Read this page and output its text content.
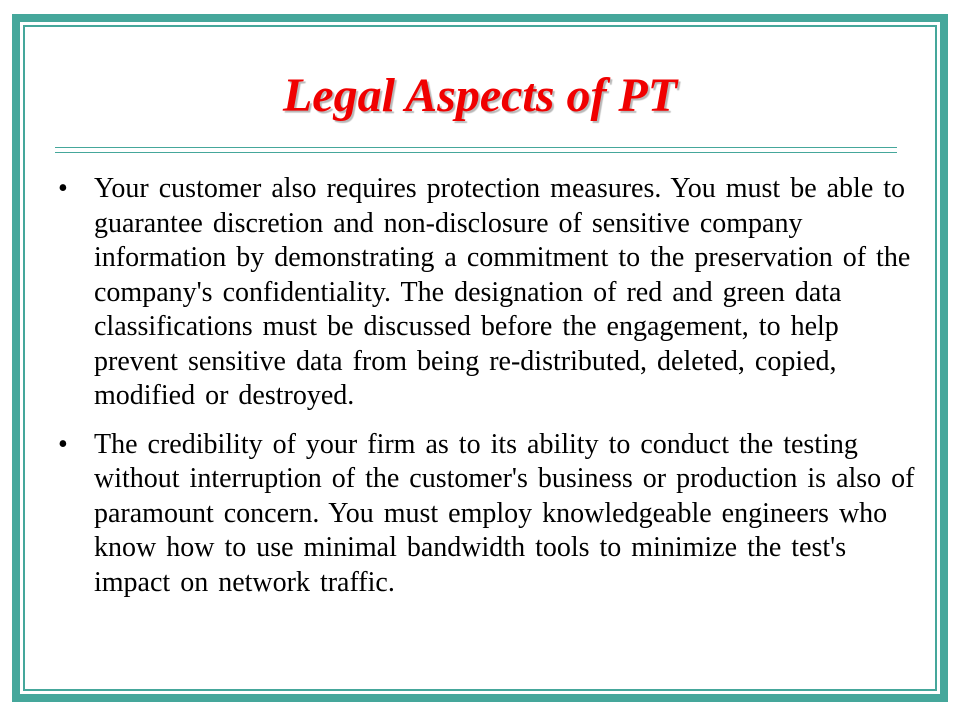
Legal Aspects of PT
• Your customer also requires protection measures. You must be able to guarantee discretion and non-disclosure of sensitive company information by demonstrating a commitment to the preservation of the company's confidentiality. The designation of red and green data classifications must be discussed before the engagement, to help prevent sensitive data from being re-distributed, deleted, copied, modified or destroyed.
• The credibility of your firm as to its ability to conduct the testing without interruption of the customer's business or production is also of paramount concern. You must employ knowledgeable engineers who know how to use minimal bandwidth tools to minimize the test's impact on network traffic.
